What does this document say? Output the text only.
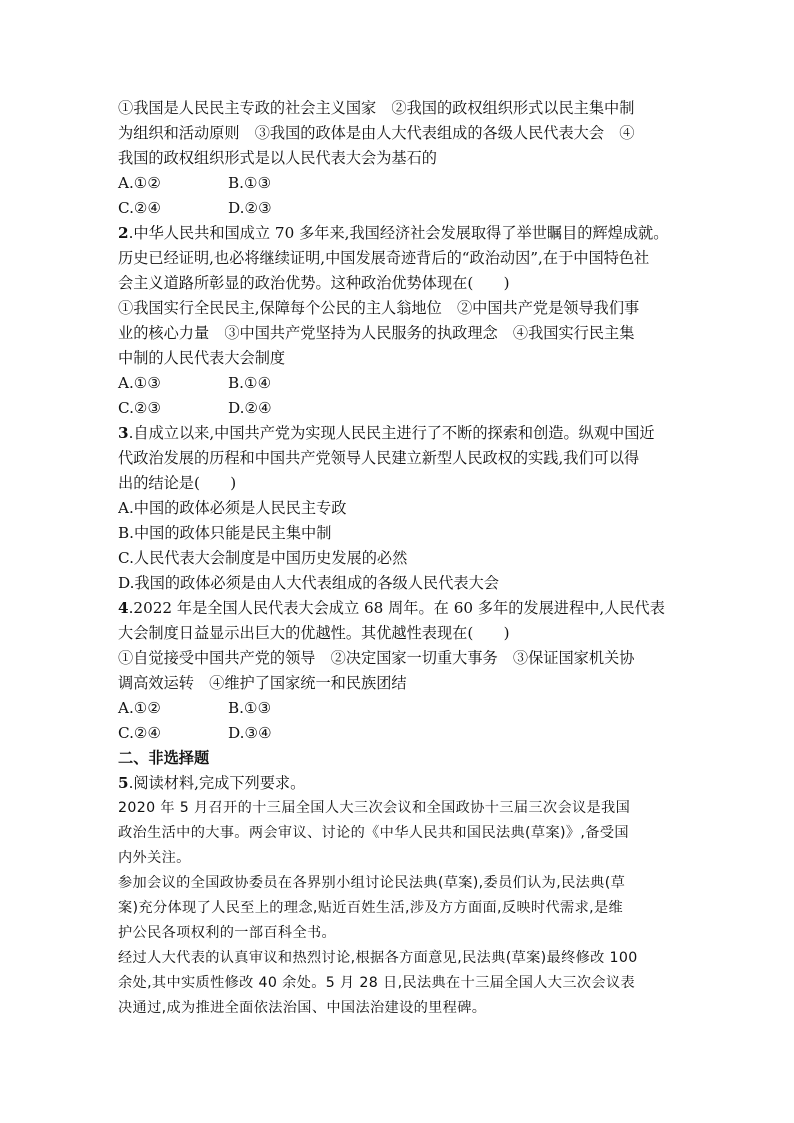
①我国是人民民主专政的社会主义国家　②我国的政权组织形式以民主集中制
为组织和活动原则　③我国的政体是由人大代表组成的各级人民代表大会　④
我国的政权组织形式是以人民代表大会为基石的
A.①②	B.①③
C.②④	D.②③
2.中华人民共和国成立 70 多年来,我国经济社会发展取得了举世瞩目的辉煌成就。
历史已经证明,也必将继续证明,中国发展奇迹背后的“政治动因”,在于中国特色社
会主义道路所彰显的政治优势。这种政治优势体现在(　　)
①我国实行全民民主,保障每个公民的主人翁地位　②中国共产党是领导我们事
业的核心力量　③中国共产党坚持为人民服务的执政理念　④我国实行民主集
中制的人民代表大会制度
A.①③	B.①④
C.②③	D.②④
3.自成立以来,中国共产党为实现人民民主进行了不断的探索和创造。纵观中国近
代政治发展的历程和中国共产党领导人民建立新型人民政权的实践,我们可以得
出的结论是(　　)
A.中国的政体必须是人民民主专政
B.中国的政体只能是民主集中制
C.人民代表大会制度是中国历史发展的必然
D.我国的政体必须是由人大代表组成的各级人民代表大会
4.2022 年是全国人民代表大会成立 68 周年。在 60 多年的发展进程中,人民代表
大会制度日益显示出巨大的优越性。其优越性表现在(　　)
①自觉接受中国共产党的领导　②决定国家一切重大事务　③保证国家机关协
调高效运转　④维护了国家统一和民族团结
A.①②	B.①③
C.②④	D.③④
二、非选择题
5.阅读材料,完成下列要求。
2020 年 5 月召开的十三届全国人大三次会议和全国政协十三届三次会议是我国
政治生活中的大事。两会审议、讨论的《中华人民共和国民法典(草案)》,备受国
内外关注。
参加会议的全国政协委员在各界别小组讨论民法典(草案),委员们认为,民法典(草
案)充分体现了人民至上的理念,贴近百姓生活,涉及方方面面,反映时代需求,是维
护公民各项权利的一部百科全书。
经过人大代表的认真审议和热烈讨论,根据各方面意见,民法典(草案)最终修改 100
余处,其中实质性修改 40 余处。5 月 28 日,民法典在十三届全国人大三次会议表
决通过,成为推进全面依法治国、中国法治建设的里程碑。
